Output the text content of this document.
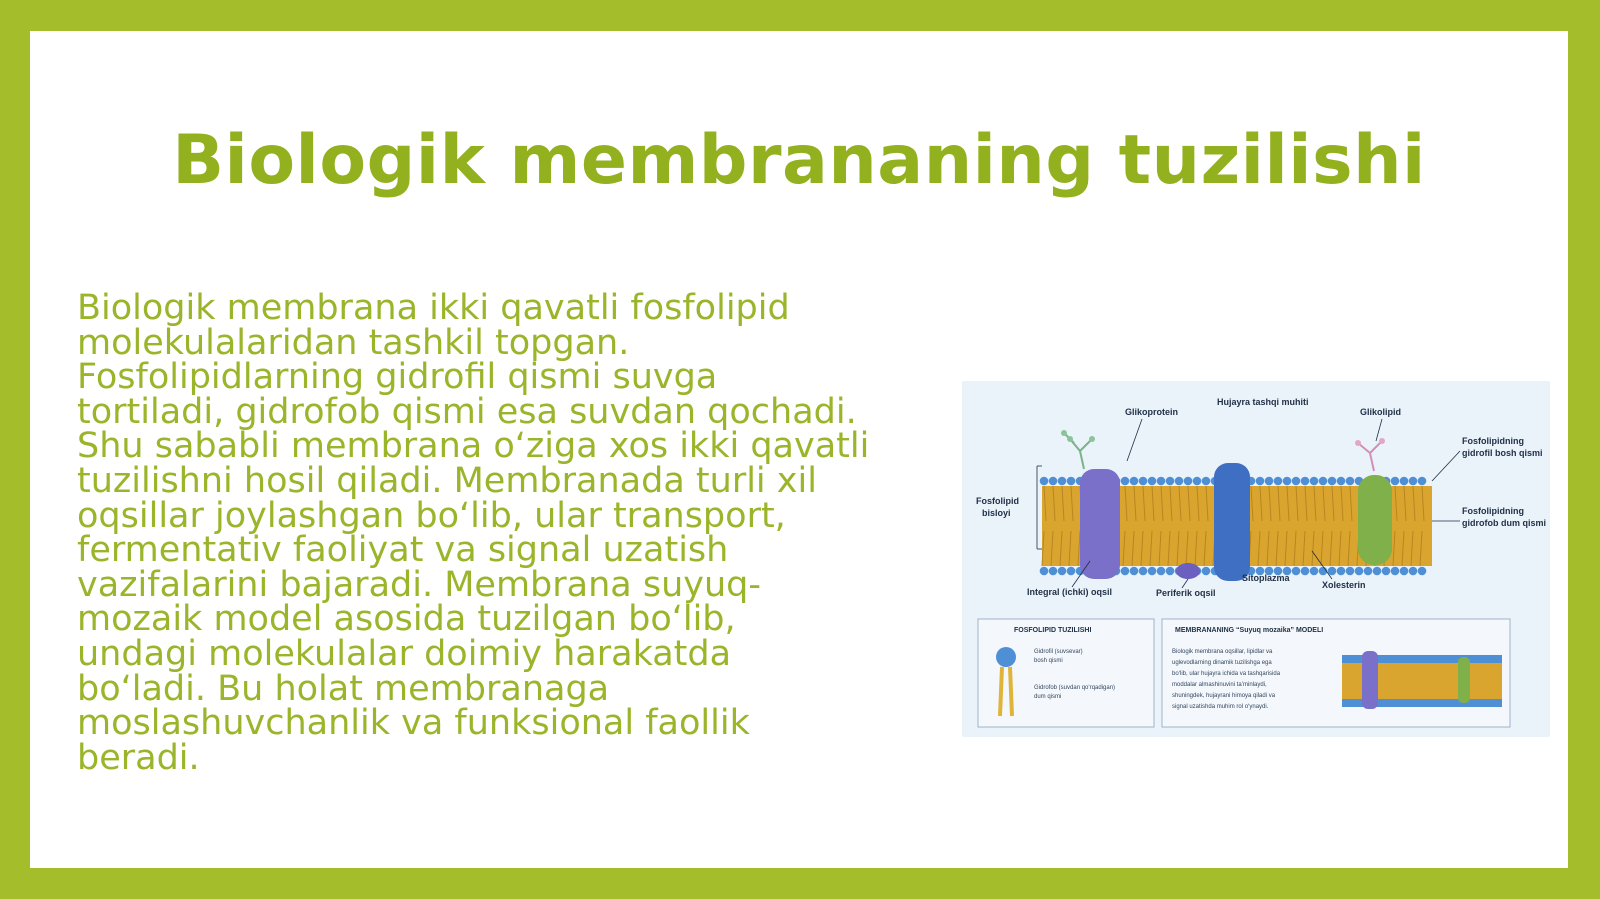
Biologik membrananing tuzilishi
Biologik membrana ikki qavatli fosfolipid
molekulalaridan tashkil topgan.
Fosfolipidlarning gidrofil qismi suvga
tortiladi, gidrofob qismi esa suvdan qochadi.
Shu sababli membrana o‘ziga xos ikki qavatli
tuzilishni hosil qiladi. Membranada turli xil
oqsillar joylashgan bo‘lib, ular transport,
fermentativ faoliyat va signal uzatish
vazifalarini bajaradi. Membrana suyuq-
mozaik model asosida tuzilgan bo‘lib,
undagi molekulalar doimiy harakatda
bo‘ladi. Bu holat membranaga
moslashuvchanlik va funksional faollik
beradi.
Glikoprotein
Hujayra tashqi muhiti
Glikolipid
Fosfolipidning
gidrofil bosh qismi
Fosfolipid
bisloyi	Fosfolipidning
gidrofob dum qismi
Integral (ichki) oqsil	Periferik oqsil
Sitoplazma
Xolesterin
FOSFOLIPID TUZILISHI
Gidrofil (suvsevar)
bosh qismi
Gidrofob (suvdan qo‘rqadigan)
dum qismi
MEMBRANANING “Suyuq mozaika” MODELI
Biologik membrana oqsillar, lipidlar va
uglevodlarning dinamik tuzilishga ega
bo‘lib, ular hujayra ichida va tashqarisida
moddalar almashinuvini ta’minlaydi,
shuningdek, hujayrani himoya qiladi va
signal uzatishda muhim rol o‘ynaydi.
